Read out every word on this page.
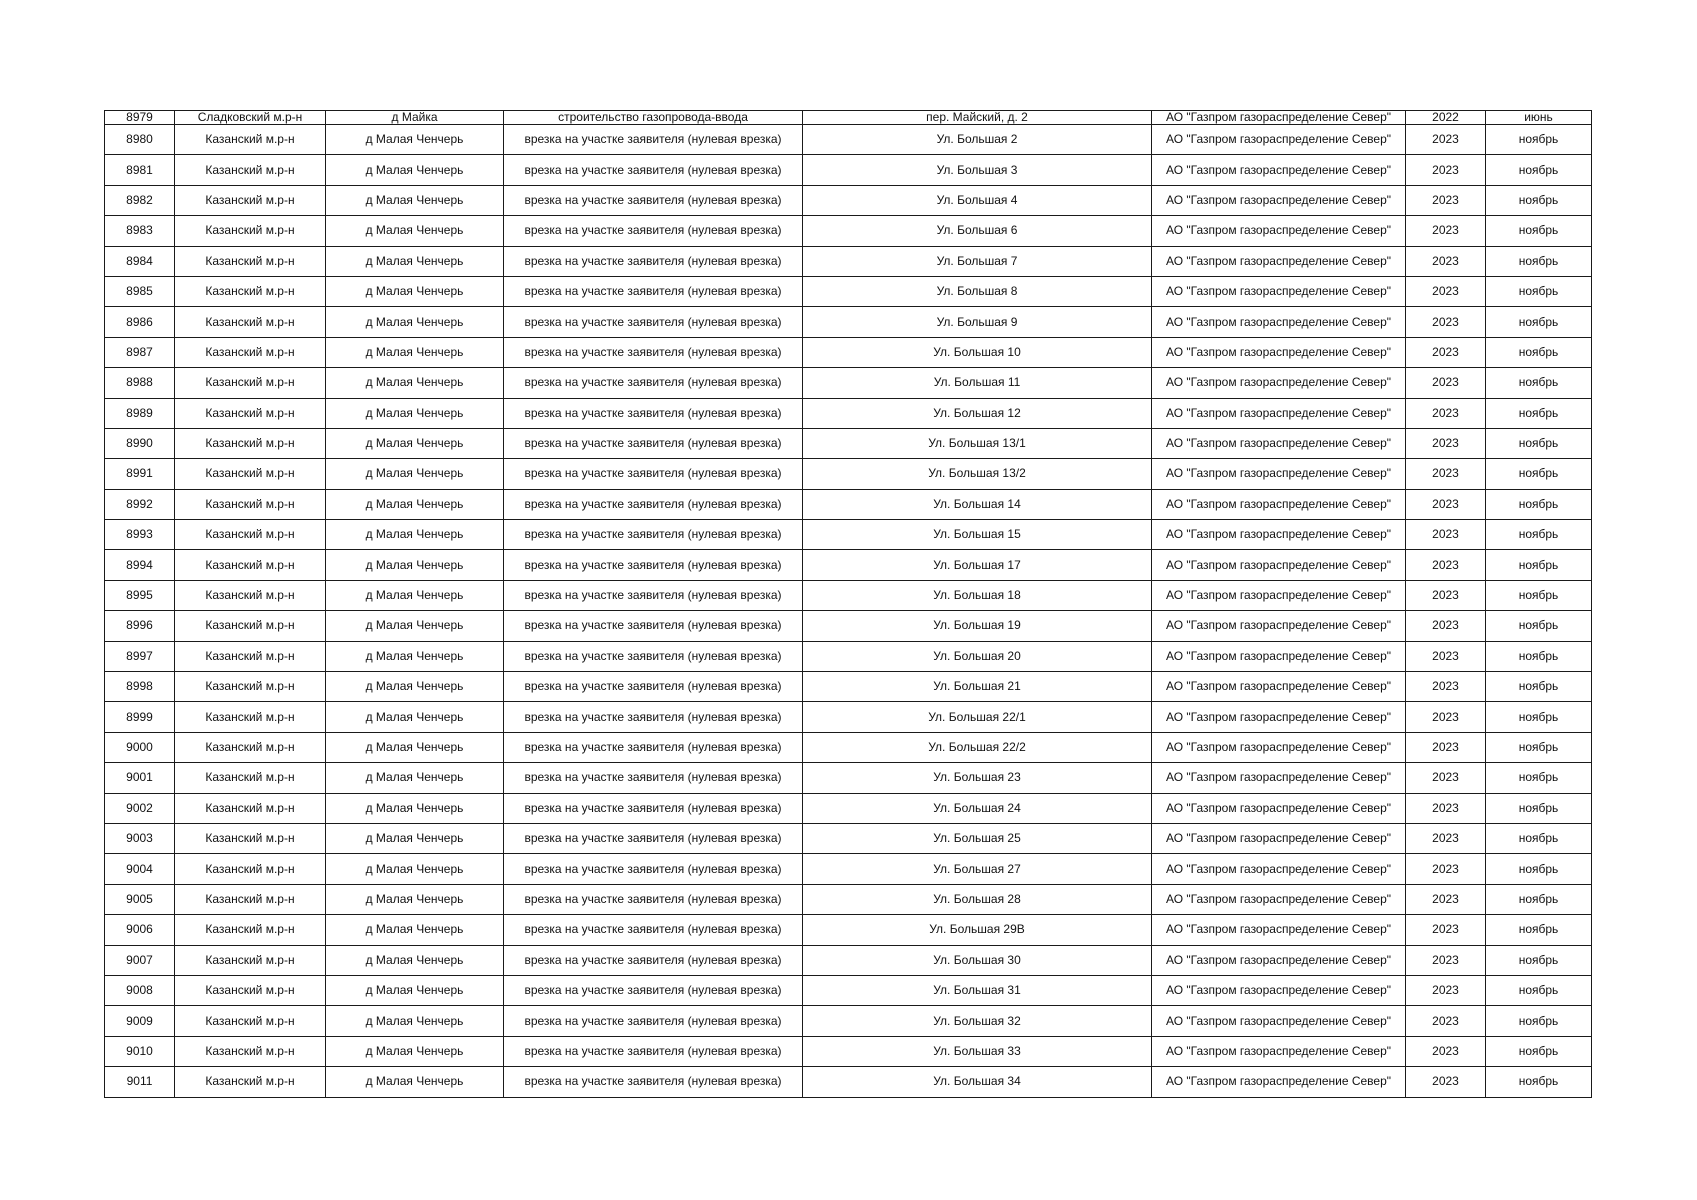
8979	Сладковский м.р-н	д Майка	строительство газопровода-ввода	пер. Майский, д. 2	АО "Газпром газораспределение Север"	2022	июнь
8980	Казанский м.р-н	д Малая Ченчерь	врезка на участке заявителя (нулевая врезка)	Ул. Большая 2	АО "Газпром газораспределение Север"	2023	ноябрь
8981	Казанский м.р-н	д Малая Ченчерь	врезка на участке заявителя (нулевая врезка)	Ул. Большая 3	АО "Газпром газораспределение Север"	2023	ноябрь
8982	Казанский м.р-н	д Малая Ченчерь	врезка на участке заявителя (нулевая врезка)	Ул. Большая 4	АО "Газпром газораспределение Север"	2023	ноябрь
8983	Казанский м.р-н	д Малая Ченчерь	врезка на участке заявителя (нулевая врезка)	Ул. Большая 6	АО "Газпром газораспределение Север"	2023	ноябрь
8984	Казанский м.р-н	д Малая Ченчерь	врезка на участке заявителя (нулевая врезка)	Ул. Большая 7	АО "Газпром газораспределение Север"	2023	ноябрь
8985	Казанский м.р-н	д Малая Ченчерь	врезка на участке заявителя (нулевая врезка)	Ул. Большая 8	АО "Газпром газораспределение Север"	2023	ноябрь
8986	Казанский м.р-н	д Малая Ченчерь	врезка на участке заявителя (нулевая врезка)	Ул. Большая 9	АО "Газпром газораспределение Север"	2023	ноябрь
8987	Казанский м.р-н	д Малая Ченчерь	врезка на участке заявителя (нулевая врезка)	Ул. Большая 10	АО "Газпром газораспределение Север"	2023	ноябрь
8988	Казанский м.р-н	д Малая Ченчерь	врезка на участке заявителя (нулевая врезка)	Ул. Большая 11	АО "Газпром газораспределение Север"	2023	ноябрь
8989	Казанский м.р-н	д Малая Ченчерь	врезка на участке заявителя (нулевая врезка)	Ул. Большая 12	АО "Газпром газораспределение Север"	2023	ноябрь
8990	Казанский м.р-н	д Малая Ченчерь	врезка на участке заявителя (нулевая врезка)	Ул. Большая 13/1	АО "Газпром газораспределение Север"	2023	ноябрь
8991	Казанский м.р-н	д Малая Ченчерь	врезка на участке заявителя (нулевая врезка)	Ул. Большая 13/2	АО "Газпром газораспределение Север"	2023	ноябрь
8992	Казанский м.р-н	д Малая Ченчерь	врезка на участке заявителя (нулевая врезка)	Ул. Большая 14	АО "Газпром газораспределение Север"	2023	ноябрь
8993	Казанский м.р-н	д Малая Ченчерь	врезка на участке заявителя (нулевая врезка)	Ул. Большая 15	АО "Газпром газораспределение Север"	2023	ноябрь
8994	Казанский м.р-н	д Малая Ченчерь	врезка на участке заявителя (нулевая врезка)	Ул. Большая 17	АО "Газпром газораспределение Север"	2023	ноябрь
8995	Казанский м.р-н	д Малая Ченчерь	врезка на участке заявителя (нулевая врезка)	Ул. Большая 18	АО "Газпром газораспределение Север"	2023	ноябрь
8996	Казанский м.р-н	д Малая Ченчерь	врезка на участке заявителя (нулевая врезка)	Ул. Большая 19	АО "Газпром газораспределение Север"	2023	ноябрь
8997	Казанский м.р-н	д Малая Ченчерь	врезка на участке заявителя (нулевая врезка)	Ул. Большая 20	АО "Газпром газораспределение Север"	2023	ноябрь
8998	Казанский м.р-н	д Малая Ченчерь	врезка на участке заявителя (нулевая врезка)	Ул. Большая 21	АО "Газпром газораспределение Север"	2023	ноябрь
8999	Казанский м.р-н	д Малая Ченчерь	врезка на участке заявителя (нулевая врезка)	Ул. Большая 22/1	АО "Газпром газораспределение Север"	2023	ноябрь
9000	Казанский м.р-н	д Малая Ченчерь	врезка на участке заявителя (нулевая врезка)	Ул. Большая 22/2	АО "Газпром газораспределение Север"	2023	ноябрь
9001	Казанский м.р-н	д Малая Ченчерь	врезка на участке заявителя (нулевая врезка)	Ул. Большая 23	АО "Газпром газораспределение Север"	2023	ноябрь
9002	Казанский м.р-н	д Малая Ченчерь	врезка на участке заявителя (нулевая врезка)	Ул. Большая 24	АО "Газпром газораспределение Север"	2023	ноябрь
9003	Казанский м.р-н	д Малая Ченчерь	врезка на участке заявителя (нулевая врезка)	Ул. Большая 25	АО "Газпром газораспределение Север"	2023	ноябрь
9004	Казанский м.р-н	д Малая Ченчерь	врезка на участке заявителя (нулевая врезка)	Ул. Большая 27	АО "Газпром газораспределение Север"	2023	ноябрь
9005	Казанский м.р-н	д Малая Ченчерь	врезка на участке заявителя (нулевая врезка)	Ул. Большая 28	АО "Газпром газораспределение Север"	2023	ноябрь
9006	Казанский м.р-н	д Малая Ченчерь	врезка на участке заявителя (нулевая врезка)	Ул. Большая 29В	АО "Газпром газораспределение Север"	2023	ноябрь
9007	Казанский м.р-н	д Малая Ченчерь	врезка на участке заявителя (нулевая врезка)	Ул. Большая 30	АО "Газпром газораспределение Север"	2023	ноябрь
9008	Казанский м.р-н	д Малая Ченчерь	врезка на участке заявителя (нулевая врезка)	Ул. Большая 31	АО "Газпром газораспределение Север"	2023	ноябрь
9009	Казанский м.р-н	д Малая Ченчерь	врезка на участке заявителя (нулевая врезка)	Ул. Большая 32	АО "Газпром газораспределение Север"	2023	ноябрь
9010	Казанский м.р-н	д Малая Ченчерь	врезка на участке заявителя (нулевая врезка)	Ул. Большая 33	АО "Газпром газораспределение Север"	2023	ноябрь
9011	Казанский м.р-н	д Малая Ченчерь	врезка на участке заявителя (нулевая врезка)	Ул. Большая 34	АО "Газпром газораспределение Север"	2023	ноябрь
